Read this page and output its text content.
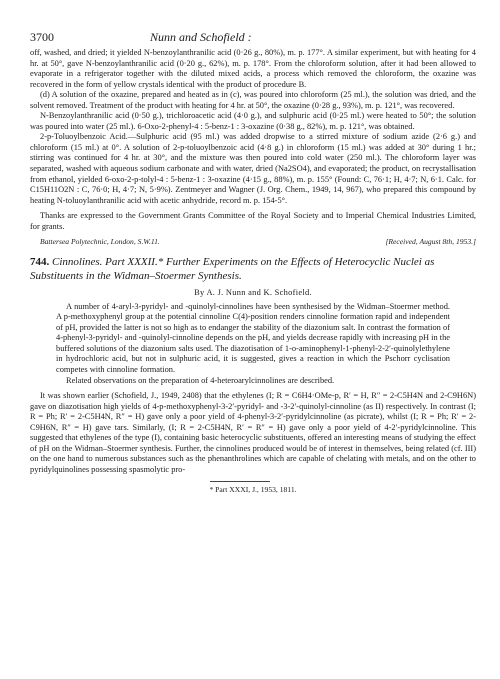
3700	Nunn and Schofield :

off, washed, and dried; it yielded N-benzoylanthranilic acid (0·26 g., 80%), m. p. 177°. A similar experiment, but with heating for 4 hr. at 50°, gave N-benzoylanthranilic acid (0·20 g., 62%), m. p. 178°. From the chloroform solution, after it had been allowed to evaporate in a refrigerator together with the diluted mixed acids, a process which removed the chloroform, the oxazine was recovered in the form of yellow crystals identical with the product of procedure B.

(d) A solution of the oxazine, prepared and heated as in (c), was poured into chloroform (25 ml.), the solution was dried, and the solvent removed. Treatment of the product with heating for 4 hr. at 50°, the oxazine (0·28 g., 93%), m. p. 121°, was recovered.

N-Benzoylanthranilic acid (0·50 g.), trichloroacetic acid (4·0 g.), and sulphuric acid (0·25 ml.) were heated to 50°; the solution was poured into water (25 ml.). 6-Oxo-2-phenyl-4 : 5-benz-1 : 3-oxazine (0·38 g., 82%), m. p. 121°, was obtained.

2-p-Toluoylbenzoic Acid.—Sulphuric acid (95 ml.) was added dropwise to a stirred mixture of sodium azide (2·6 g.) and chloroform (15 ml.) at 0°. A solution of 2-p-toluoylbenzoic acid (4·8 g.) in chloroform (15 ml.) was added at 30° during 1 hr.; stirring was continued for 4 hr. at 30°, and the mixture was then poured into cold water (250 ml.). The chloroform layer was separated, washed with aqueous sodium carbonate and with water, dried (Na2SO4), and evaporated; the product, on recrystallisation from ethanol, yielded 6-oxo-2-p-tolyl-4 : 5-benz-1 : 3-oxazine (4·15 g., 88%), m. p. 155° (Found: C, 76·1; H, 4·7; N, 6·1. Calc. for C15H11O2N : C, 76·0; H, 4·7; N, 5·9%). Zentmeyer and Wagner (J. Org. Chem., 1949, 14, 967), who prepared this compound by heating N-toluoylanthranilic acid with acetic anhydride, record m. p. 154-5°.

Thanks are expressed to the Government Grants Committee of the Royal Society and to Imperial Chemical Industries Limited, for grants.

Battersea Polytechnic, London, S.W.11.	[Received, August 8th, 1953.]

744. Cinnolines. Part XXXII.* Further Experiments on the Effects of Heterocyclic Nuclei as Substituents in the Widman–Stoermer Synthesis.

By A. J. Nunn and K. Schofield.

A number of 4-aryl-3-pyridyl- and -quinolyl-cinnolines have been synthesised by the Widman–Stoermer method. A p-methoxyphenyl group at the potential cinnoline C(4)-position renders cinnoline formation rapid and independent of pH, provided the latter is not so high as to endanger the stability of the diazonium salt. In contrast the formation of 4-phenyl-3-pyridyl- and -quinolyl-cinnoline depends on the pH, and yields decrease rapidly with increasing pH in the buffered solutions of the diazonium salts used. The diazotisation of 1-o-aminophenyl-1-phenyl-2-2′-quinolylethylene in hydrochloric acid, but not in sulphuric acid, it is suggested, gives a reaction in which the Pschorr cyclisation competes with cinnoline formation.

Related observations on the preparation of 4-heteroarylcinnolines are described.

It was shown earlier (Schofield, J., 1949, 2408) that the ethylenes (I; R = C6H4·OMe-p, R′ = H, R″ = 2-C5H4N and 2-C9H6N) gave on diazotisation high yields of 4-p-methoxyphenyl-3-2′-pyridyl- and -3-2′-quinolyl-cinnoline (as II) respectively. In contrast (I; R = Ph; R′ = 2-C5H4N, R″ = H) gave only a poor yield of 4-phenyl-3-2′-pyridylcinnoline (as picrate), whilst (I; R = Ph; R′ = 2-C9H6N, R″ = H) gave tars. Similarly, (I; R = 2-C5H4N, R′ = R″ = H) gave only a poor yield of 4-2′-pyridylcinnoline. This suggested that ethylenes of the type (I), containing basic heterocyclic substituents, offered an interesting means of studying the effect of pH on the Widman–Stoermer synthesis. Further, the cinnolines produced would be of interest in themselves, being related (cf. III) on the one hand to numerous substances such as the phenanthrolines which are capable of chelating with metals, and on the other to pyridylquinolines possessing spasmolytic pro-

* Part XXXI, J., 1953, 1811.
